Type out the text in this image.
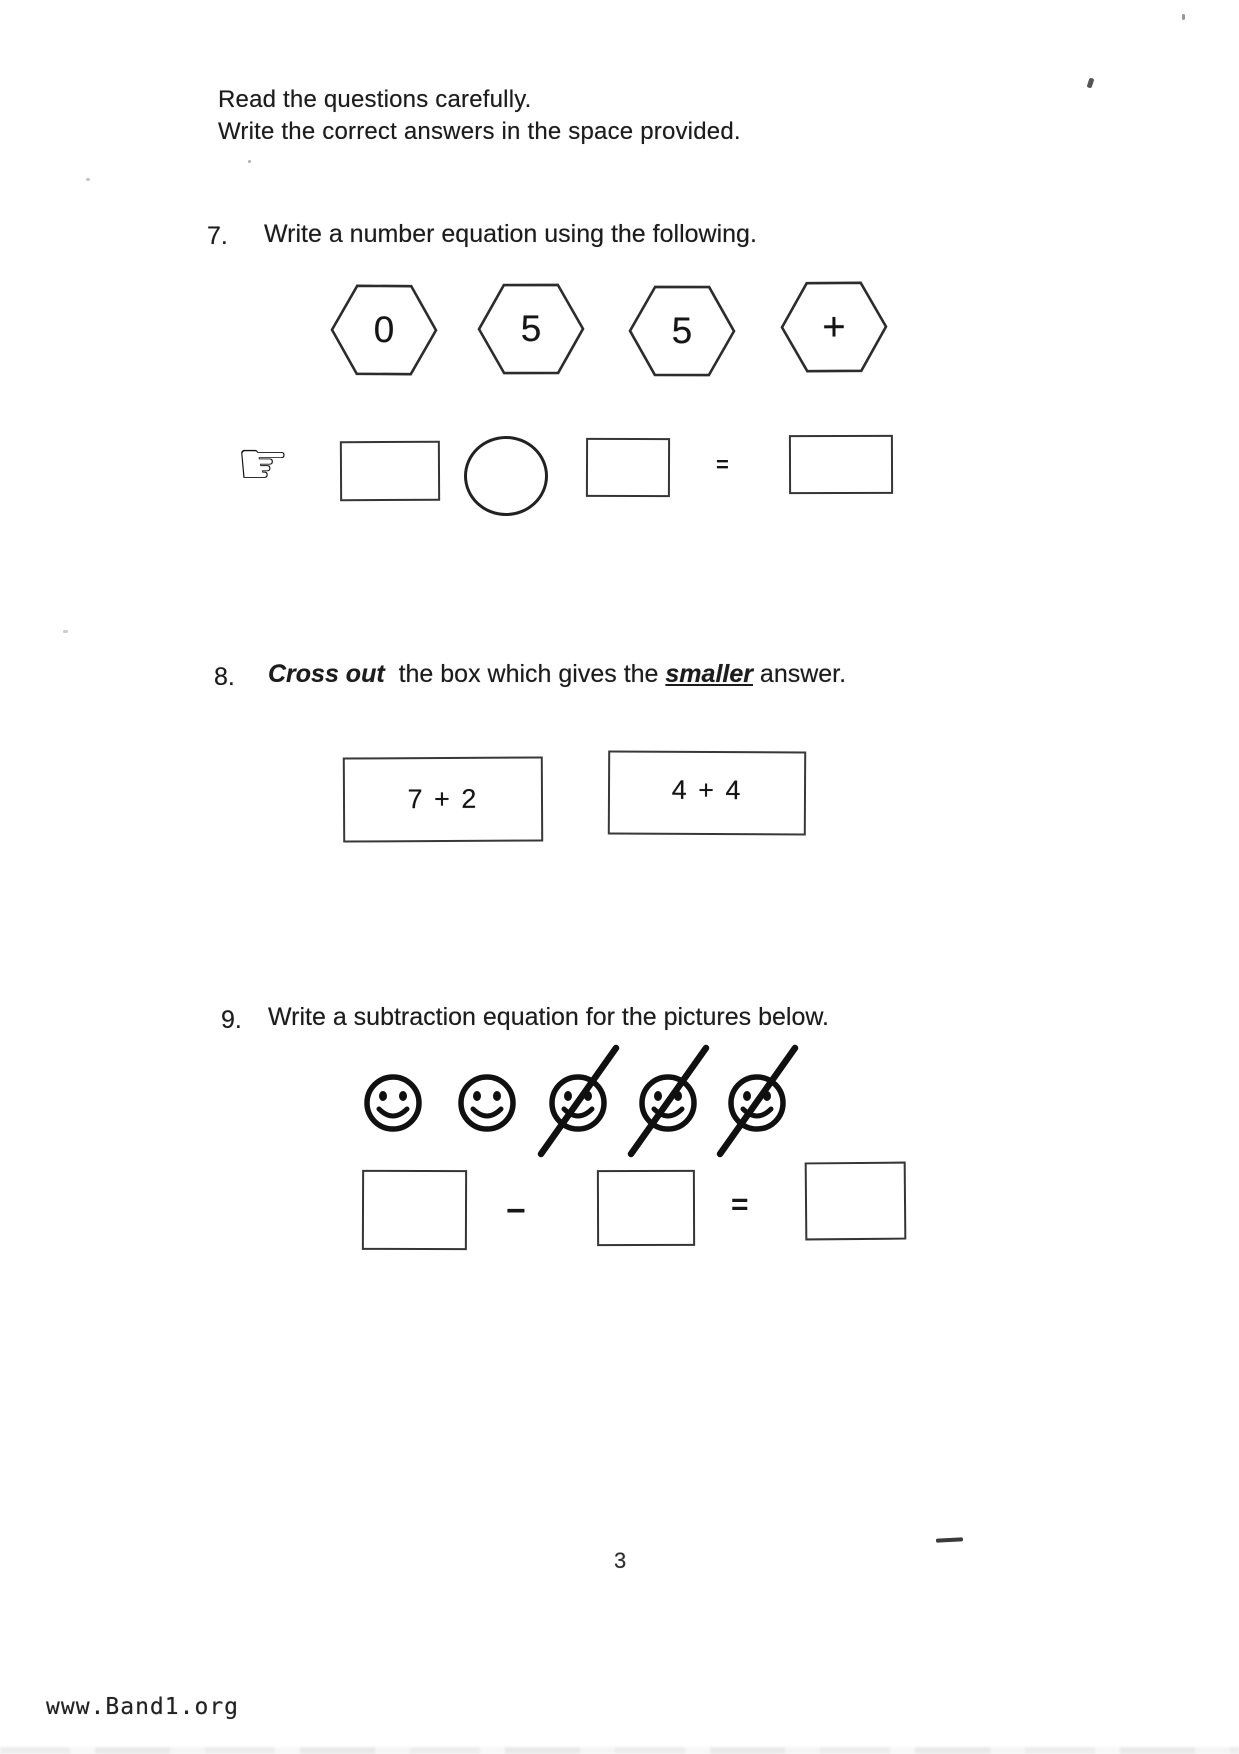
Read the questions carefully.
Write the correct answers in the space provided.
7. Write a number equation using the following.
0	5	5	+
☞	=
8. Cross out  the box which gives the smaller answer.
7 + 2	4 + 4
9. Write a subtraction equation for the pictures below.
−	=
3
www.Band1.org
